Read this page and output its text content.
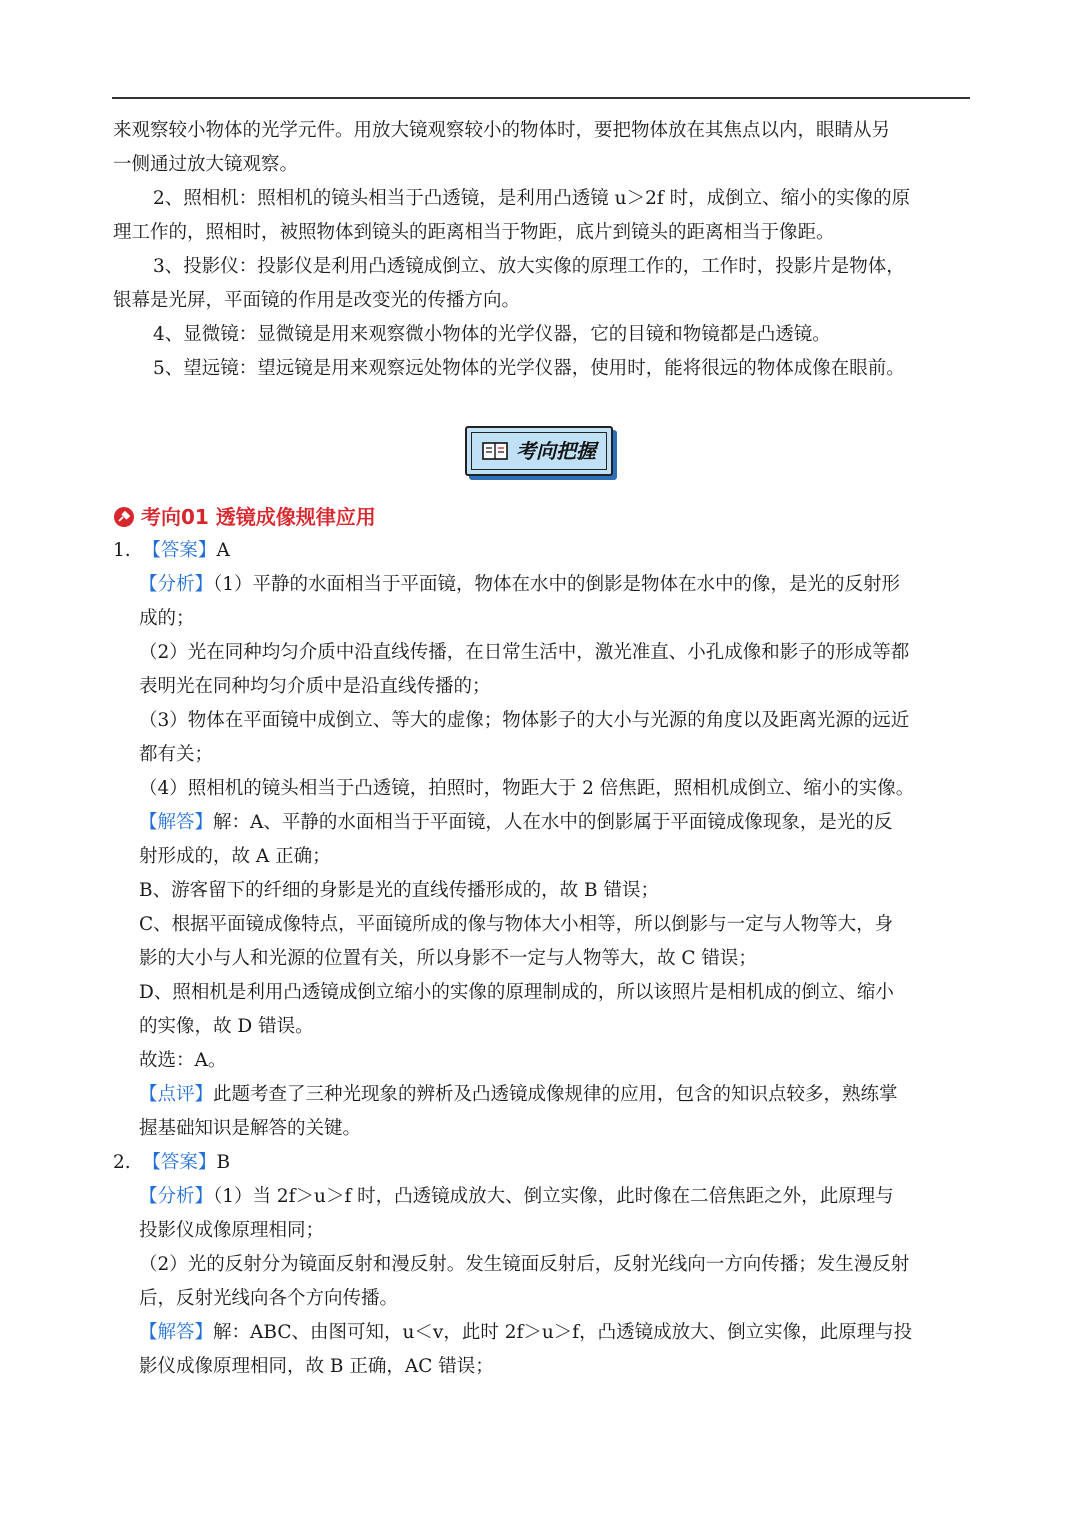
来观察较小物体的光学元件。用放大镜观察较小的物体时，要把物体放在其焦点以内，眼睛从另

一侧通过放大镜观察。

2、照相机：照相机的镜头相当于凸透镜，是利用凸透镜 u＞2f 时，成倒立、缩小的实像的原

理工作的，照相时，被照物体到镜头的距离相当于物距，底片到镜头的距离相当于像距。

3、投影仪：投影仪是利用凸透镜成倒立、放大实像的原理工作的，工作时，投影片是物体，

银幕是光屏，平面镜的作用是改变光的传播方向。

4、显微镜：显微镜是用来观察微小物体的光学仪器，它的目镜和物镜都是凸透镜。

5、望远镜：望远镜是用来观察远处物体的光学仪器，使用时，能将很远的物体成像在眼前。

考向把握
考向01 透镜成像规律应用

1. 【答案】A

【分析】（1）平静的水面相当于平面镜，物体在水中的倒影是物体在水中的像，是光的反射形

成的；

（2）光在同种均匀介质中沿直线传播，在日常生活中，激光准直、小孔成像和影子的形成等都

表明光在同种均匀介质中是沿直线传播的；

（3）物体在平面镜中成倒立、等大的虚像；物体影子的大小与光源的角度以及距离光源的远近

都有关；

（4）照相机的镜头相当于凸透镜，拍照时，物距大于 2 倍焦距，照相机成倒立、缩小的实像。

【解答】解：A、平静的水面相当于平面镜，人在水中的倒影属于平面镜成像现象，是光的反

射形成的，故 A 正确；

B、游客留下的纤细的身影是光的直线传播形成的，故 B 错误；

C、根据平面镜成像特点，平面镜所成的像与物体大小相等，所以倒影与一定与人物等大，身

影的大小与人和光源的位置有关，所以身影不一定与人物等大，故 C 错误；

D、照相机是利用凸透镜成倒立缩小的实像的原理制成的，所以该照片是相机成的倒立、缩小

的实像，故 D 错误。

故选：A。

【点评】此题考查了三种光现象的辨析及凸透镜成像规律的应用，包含的知识点较多，熟练掌

握基础知识是解答的关键。

2. 【答案】B

【分析】（1）当 2f＞u＞f 时，凸透镜成放大、倒立实像，此时像在二倍焦距之外，此原理与

投影仪成像原理相同；

（2）光的反射分为镜面反射和漫反射。发生镜面反射后，反射光线向一方向传播；发生漫反射

后，反射光线向各个方向传播。

【解答】解：ABC、由图可知，u＜v，此时 2f＞u＞f，凸透镜成放大、倒立实像，此原理与投

影仪成像原理相同，故 B 正确，AC 错误；
